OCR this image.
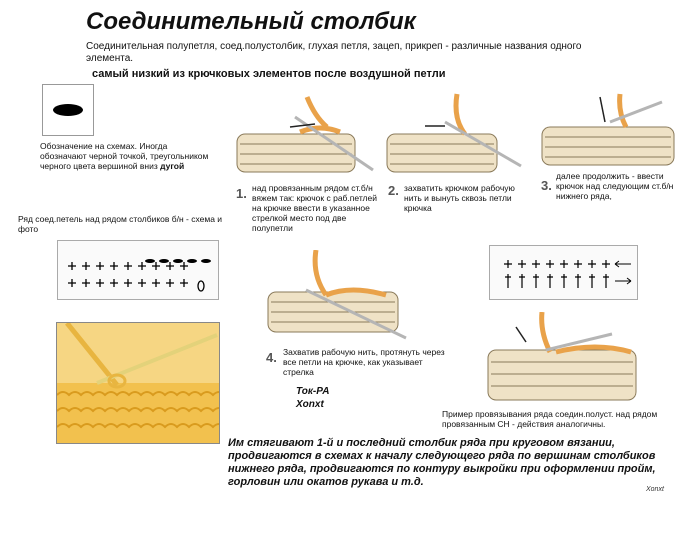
Соединительный столбик
Соединительная полупетля, соед.полустолбик, глухая петля, зацеп, прикреп - различные названия одного элемента.
самый низкий из крючковых элементов после воздушной петли
Обозначение на схемах. Иногда обозначают черной точкой, треугольником черного цвета вершиной вниз дугой
Ряд соед.петель над рядом столбиков б/н - схема и фото
1. над провязанным рядом ст.б/н вяжем так: крючок с раб.петлей на крючке ввести в указанное стрелкой место под две полупетли
2. захватить крючком рабочую нить и вынуть сквозь петли крючка
3.
далее продолжить - ввести крючок над следующим ст.б/н нижнего ряда,
4. Захватив рабочую нить, протянуть через все петли на крючке, как указывает стрелка
Ток-РА
Xonxt
Пример провязывания ряда соедин.полуст. над рядом провязанным СН - действия аналогичны.
Им стягивают 1-й и последний столбик ряда при круговом вязании, продвигаются в схемах к началу следующего ряда по вершинам столбиков нижнего ряда, продвигаются по контуру выкройки при оформлении пройм, горловин или окатов рукава и т.д.
Xonxt
